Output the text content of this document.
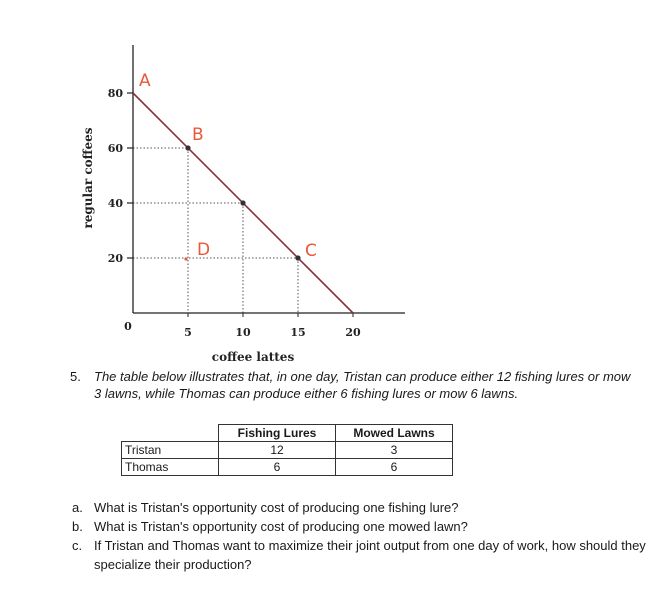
20
40
60
80
0	5	10	15	20
A
B
C
D
coffee lattes
regular coffees
5. The table below illustrates that, in one day, Tristan can produce either 12 fishing lures or mow 3 lawns, while Thomas can produce either 6 fishing lures or mow 6 lawns.
	Fishing Lures	Mowed Lawns
Tristan	12	3
Thomas	6	6
a. What is Tristan's opportunity cost of producing one fishing lure?
b. What is Tristan's opportunity cost of producing one mowed lawn?
c. If Tristan and Thomas want to maximize their joint output from one day of work, how should they specialize their production?
